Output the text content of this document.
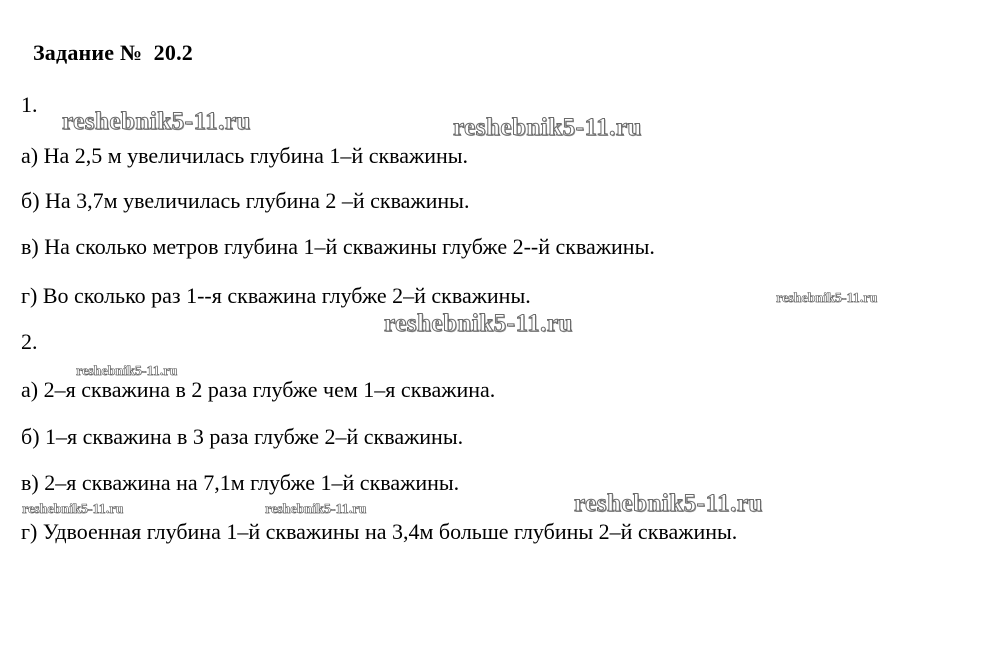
Задание №  20.2
1.
а) На 2,5 м увеличилась глубина 1–й скважины.
б) На 3,7м увеличилась глубина 2 –й скважины.
в) На сколько метров глубина 1–й скважины глубже 2--й скважины.
г) Во сколько раз 1--я скважина глубже 2–й скважины.
2.
а) 2–я скважина в 2 раза глубже чем 1–я скважина.
б) 1–я скважина в 3 раза глубже 2–й скважины.
в) 2–я скважина на 7,1м глубже 1–й скважины.
г) Удвоенная глубина 1–й скважины на 3,4м больше глубины 2–й скважины.
reshebnik5-11.ru	reshebnik5-11.ru
reshebnik5-11.ru
reshebnik5-11.ru
reshebnik5-11.ru
reshebnik5-11.ru
reshebnik5-11.ru	reshebnik5-11.ru
